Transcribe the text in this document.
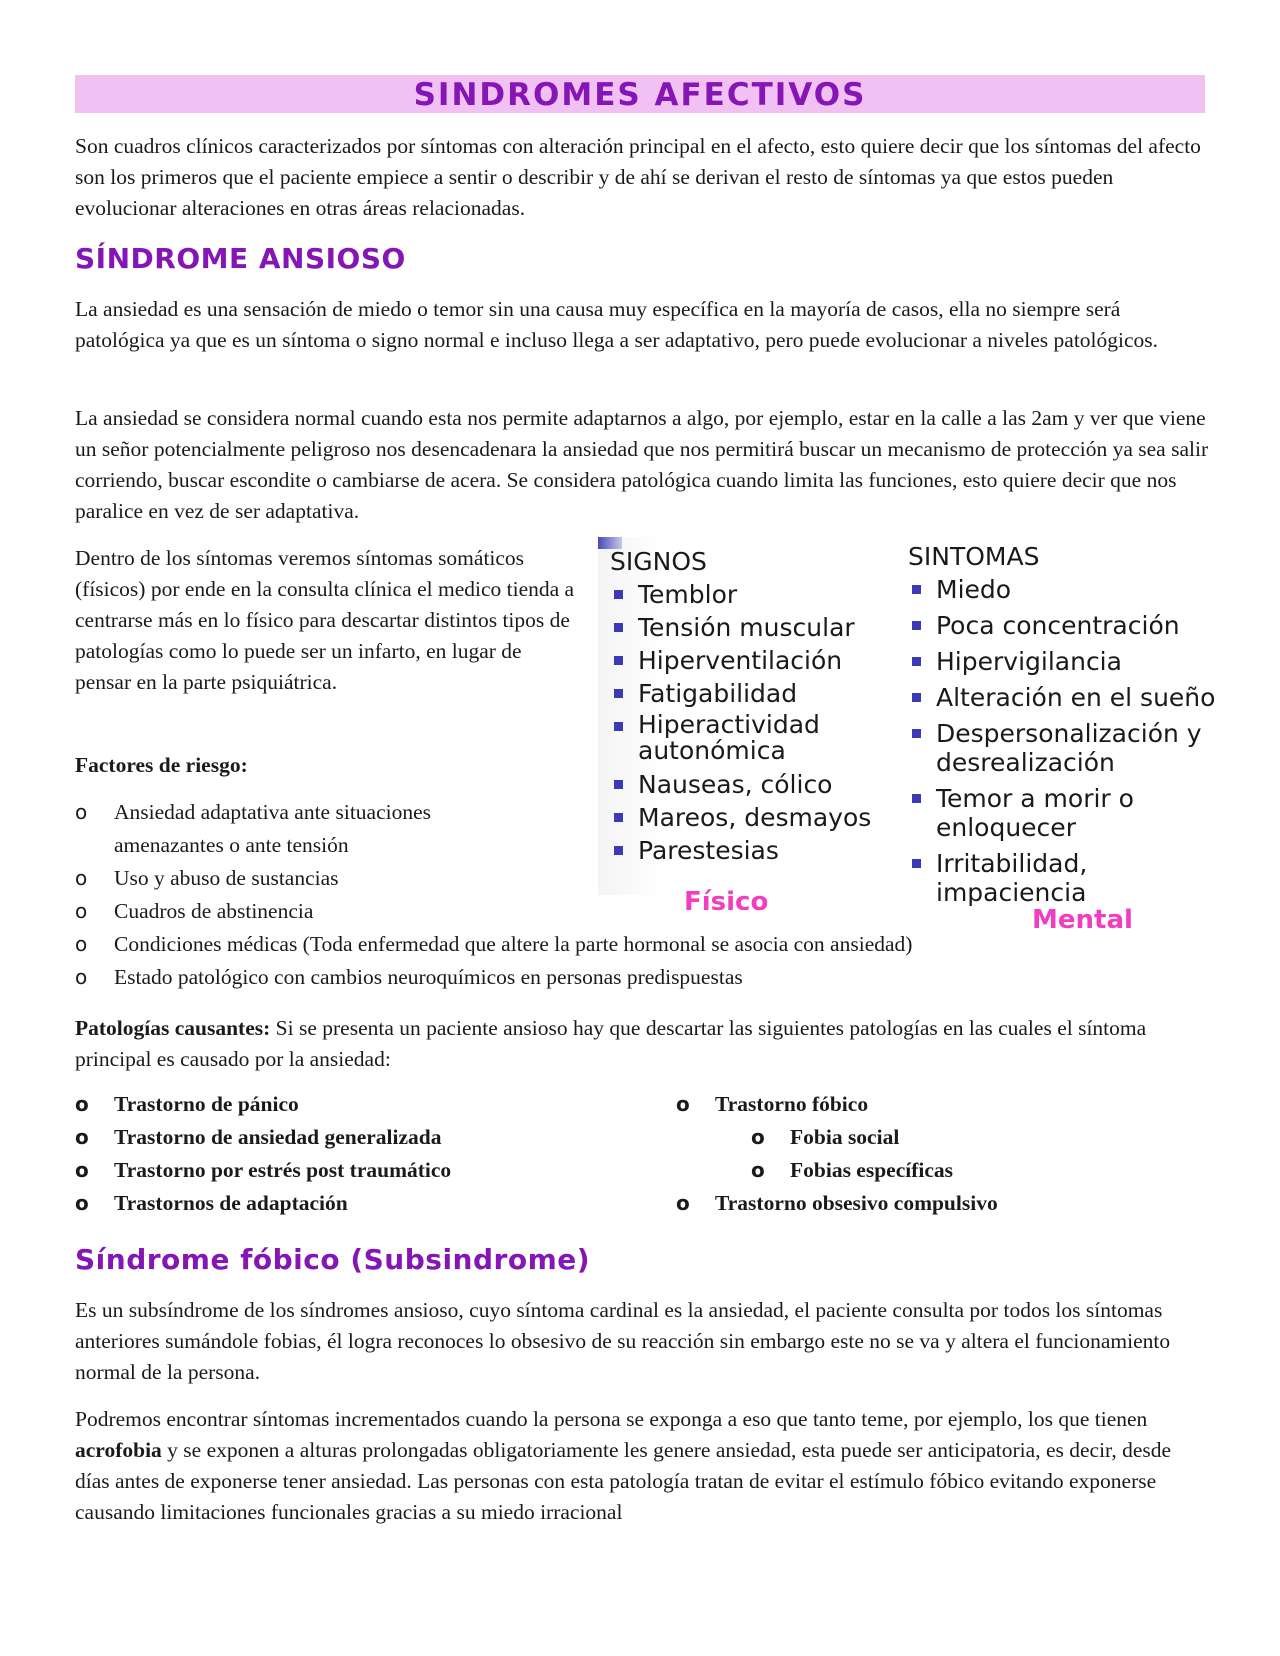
SINDROMES AFECTIVOS

Son cuadros clínicos caracterizados por síntomas con alteración principal en el afecto, esto quiere decir que los síntomas del afecto son los primeros que el paciente empiece a sentir o describir y de ahí se derivan el resto de síntomas ya que estos pueden evolucionar alteraciones en otras áreas relacionadas.

SÍNDROME ANSIOSO

La ansiedad es una sensación de miedo o temor sin una causa muy específica en la mayoría de casos, ella no siempre será patológica ya que es un síntoma o signo normal e incluso llega a ser adaptativo, pero puede evolucionar a niveles patológicos.

La ansiedad se considera normal cuando esta nos permite adaptarnos a algo, por ejemplo, estar en la calle a las 2am y ver que viene un señor potencialmente peligroso nos desencadenara la ansiedad que nos permitirá buscar un mecanismo de protección ya sea salir corriendo, buscar escondite o cambiarse de acera. Se considera patológica cuando limita las funciones, esto quiere decir que nos paralice en vez de ser adaptativa.

Dentro de los síntomas veremos síntomas somáticos (físicos) por ende en la consulta clínica el medico tienda a centrarse más en lo físico para descartar distintos tipos de patologías como lo puede ser un infarto, en lugar de pensar en la parte psiquiátrica.

Factores de riesgo:
o Ansiedad adaptativa ante situaciones amenazantes o ante tensión
o Uso y abuso de sustancias
o Cuadros de abstinencia
o Condiciones médicas (Toda enfermedad que altere la parte hormonal se asocia con ansiedad)
o Estado patológico con cambios neuroquímicos en personas predispuestas
SIGNOS
Temblor
Tensión muscular
Hiperventilación
Fatigabilidad
Hiperactividad autonómica
Nauseas, cólico
Mareos, desmayos
Parestesias
Físico
SINTOMAS
Miedo
Poca concentración
Hipervigilancia
Alteración en el sueño
Despersonalización y desrealización
Temor a morir o enloquecer
Irritabilidad, impaciencia
Mental

Patologías causantes: Si se presenta un paciente ansioso hay que descartar las siguientes patologías en las cuales el síntoma principal es causado por la ansiedad:

o Trastorno de pánico
o Trastorno de ansiedad generalizada
o Trastorno por estrés post traumático
o Trastornos de adaptación
o Trastorno fóbico
o Fobia social
o Fobias específicas
o Trastorno obsesivo compulsivo
Síndrome fóbico (Subsindrome)

Es un subsíndrome de los síndromes ansioso, cuyo síntoma cardinal es la ansiedad, el paciente consulta por todos los síntomas anteriores sumándole fobias, él logra reconoces lo obsesivo de su reacción sin embargo este no se va y altera el funcionamiento normal de la persona.

Podremos encontrar síntomas incrementados cuando la persona se exponga a eso que tanto teme, por ejemplo, los que tienen acrofobia y se exponen a alturas prolongadas obligatoriamente les genere ansiedad, esta puede ser anticipatoria, es decir, desde días antes de exponerse tener ansiedad. Las personas con esta patología tratan de evitar el estímulo fóbico evitando exponerse causando limitaciones funcionales gracias a su miedo irracional
